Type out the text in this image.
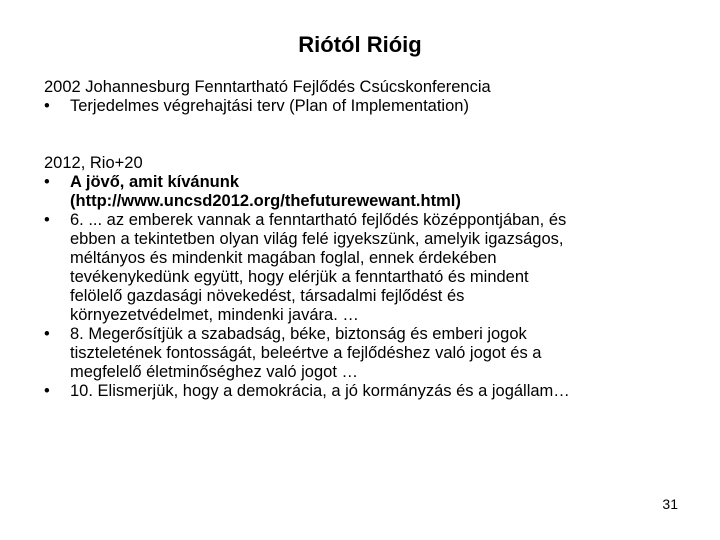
Riótól Rióig
2002 Johannesburg Fenntartható Fejlődés Csúcskonferencia
•	Terjedelmes végrehajtási terv (Plan of Implementation)
2012, Rio+20
•	A jövő, amit kívánunk
(http://www.uncsd2012.org/thefuturewewant.html)
•	6. ... az emberek vannak a fenntartható fejlődés középpontjában, és
ebben a tekintetben olyan világ felé igyekszünk, amelyik igazságos,
méltányos és mindenkit magában foglal, ennek érdekében
tevékenykedünk együtt, hogy elérjük a fenntartható és mindent
felölelő gazdasági növekedést, társadalmi fejlődést és
környezetvédelmet, mindenki javára. …
•	8. Megerősítjük a szabadság, béke, biztonság és emberi jogok
tiszteletének fontosságát, beleértve a fejlődéshez való jogot és a
megfelelő életminőséghez való jogot …
•	10. Elismerjük, hogy a demokrácia, a jó kormányzás és a jogállam…
31
